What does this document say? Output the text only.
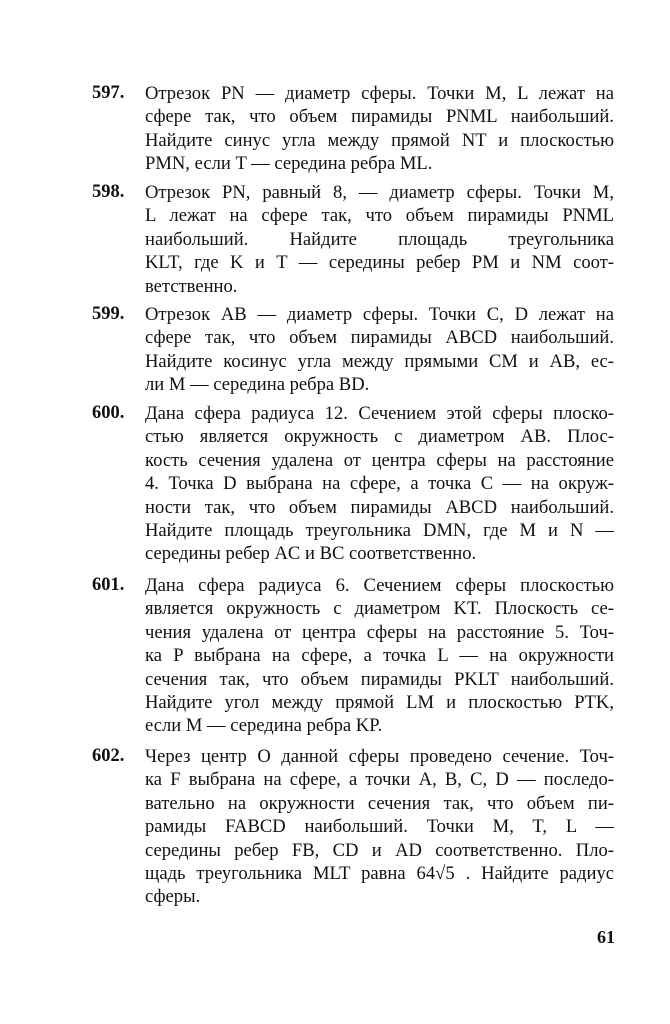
597. Отрезок PN — диаметр сферы. Точки M, L лежат на
сфере так, что объем пирамиды PNML наибольший.
Найдите синус угла между прямой NT и плоскостью
PMN, если T — середина ребра ML.
598. Отрезок PN, равный 8, — диаметр сферы. Точки M,
L лежат на сфере так, что объем пирамиды PNML
наибольший. Найдите площадь треугольника
KLT, где K и T — середины ребер PM и NM соот-
ветственно.
599. Отрезок AB — диаметр сферы. Точки C, D лежат на
сфере так, что объем пирамиды ABCD наибольший.
Найдите косинус угла между прямыми CM и AB, ес-
ли M — середина ребра BD.
600. Дана сфера радиуса 12. Сечением этой сферы плоско-
стью является окружность с диаметром AB. Плос-
кость сечения удалена от центра сферы на расстояние
4. Точка D выбрана на сфере, а точка C — на окруж-
ности так, что объем пирамиды ABCD наибольший.
Найдите площадь треугольника DMN, где M и N —
середины ребер AC и BC соответственно.
601. Дана сфера радиуса 6. Сечением сферы плоскостью
является окружность с диаметром KT. Плоскость се-
чения удалена от центра сферы на расстояние 5. Точ-
ка P выбрана на сфере, а точка L — на окружности
сечения так, что объем пирамиды PKLT наибольший.
Найдите угол между прямой LM и плоскостью PTK,
если M — середина ребра KP.
602. Через центр O данной сферы проведено сечение. Точ-
ка F выбрана на сфере, а точки A, B, C, D — последо-
вательно на окружности сечения так, что объем пи-
рамиды FABCD наибольший. Точки M, T, L —
середины ребер FB, CD и AD соответственно. Пло-
щадь треугольника MLT равна 64√5 . Найдите радиус
сферы.
61
